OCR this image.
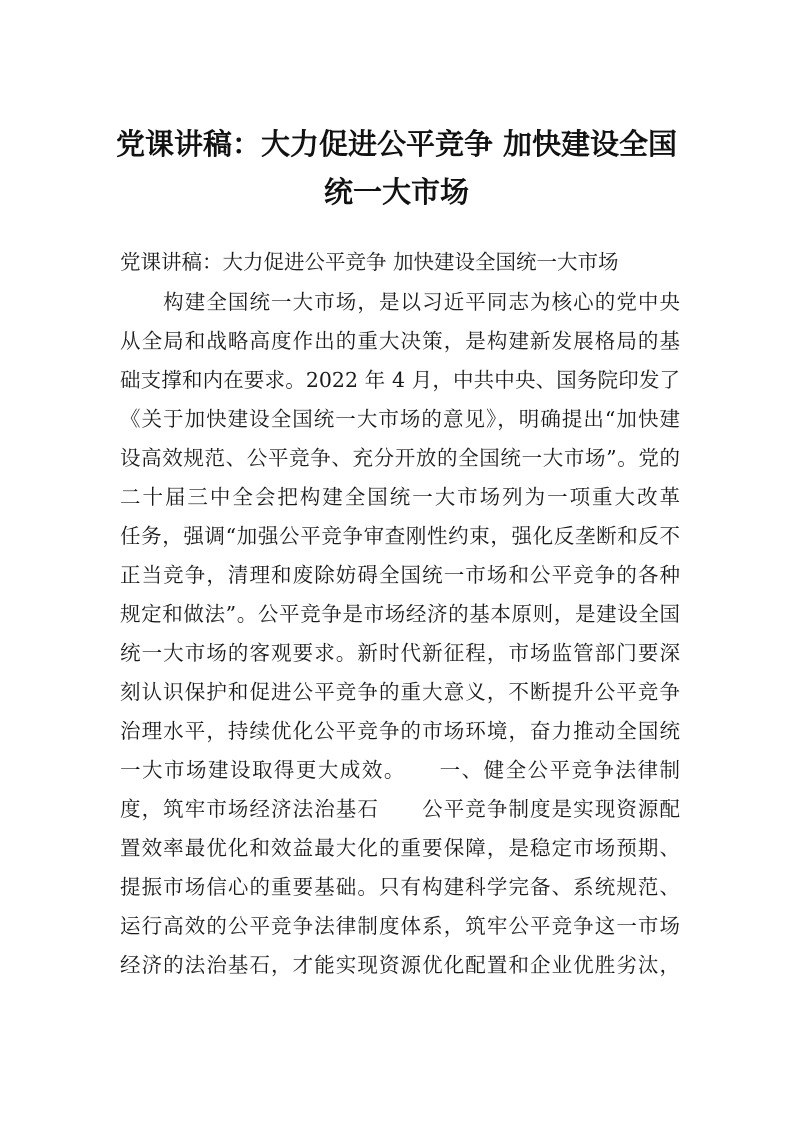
党课讲稿：大力促进公平竞争 加快建设全国
统一大市场

党课讲稿：大力促进公平竞争 加快建设全国统一大市场

　　构建全国统一大市场，是以习近平同志为核心的党中央

从全局和战略高度作出的重大决策，是构建新发展格局的基

础支撑和内在要求。2022 年 4 月，中共中央、国务院印发了

《关于加快建设全国统一大市场的意见》，明确提出“加快建

设高效规范、公平竞争、充分开放的全国统一大市场”。党的

二十届三中全会把构建全国统一大市场列为一项重大改革

任务，强调“加强公平竞争审查刚性约束，强化反垄断和反不

正当竞争，清理和废除妨碍全国统一市场和公平竞争的各种

规定和做法”。公平竞争是市场经济的基本原则，是建设全国

统一大市场的客观要求。新时代新征程，市场监管部门要深

刻认识保护和促进公平竞争的重大意义，不断提升公平竞争

治理水平，持续优化公平竞争的市场环境，奋力推动全国统

一大市场建设取得更大成效。　　一、健全公平竞争法律制

度，筑牢市场经济法治基石　　公平竞争制度是实现资源配

置效率最优化和效益最大化的重要保障，是稳定市场预期、

提振市场信心的重要基础。只有构建科学完备、系统规范、

运行高效的公平竞争法律制度体系，筑牢公平竞争这一市场

经济的法治基石，才能实现资源优化配置和企业优胜劣汰，
